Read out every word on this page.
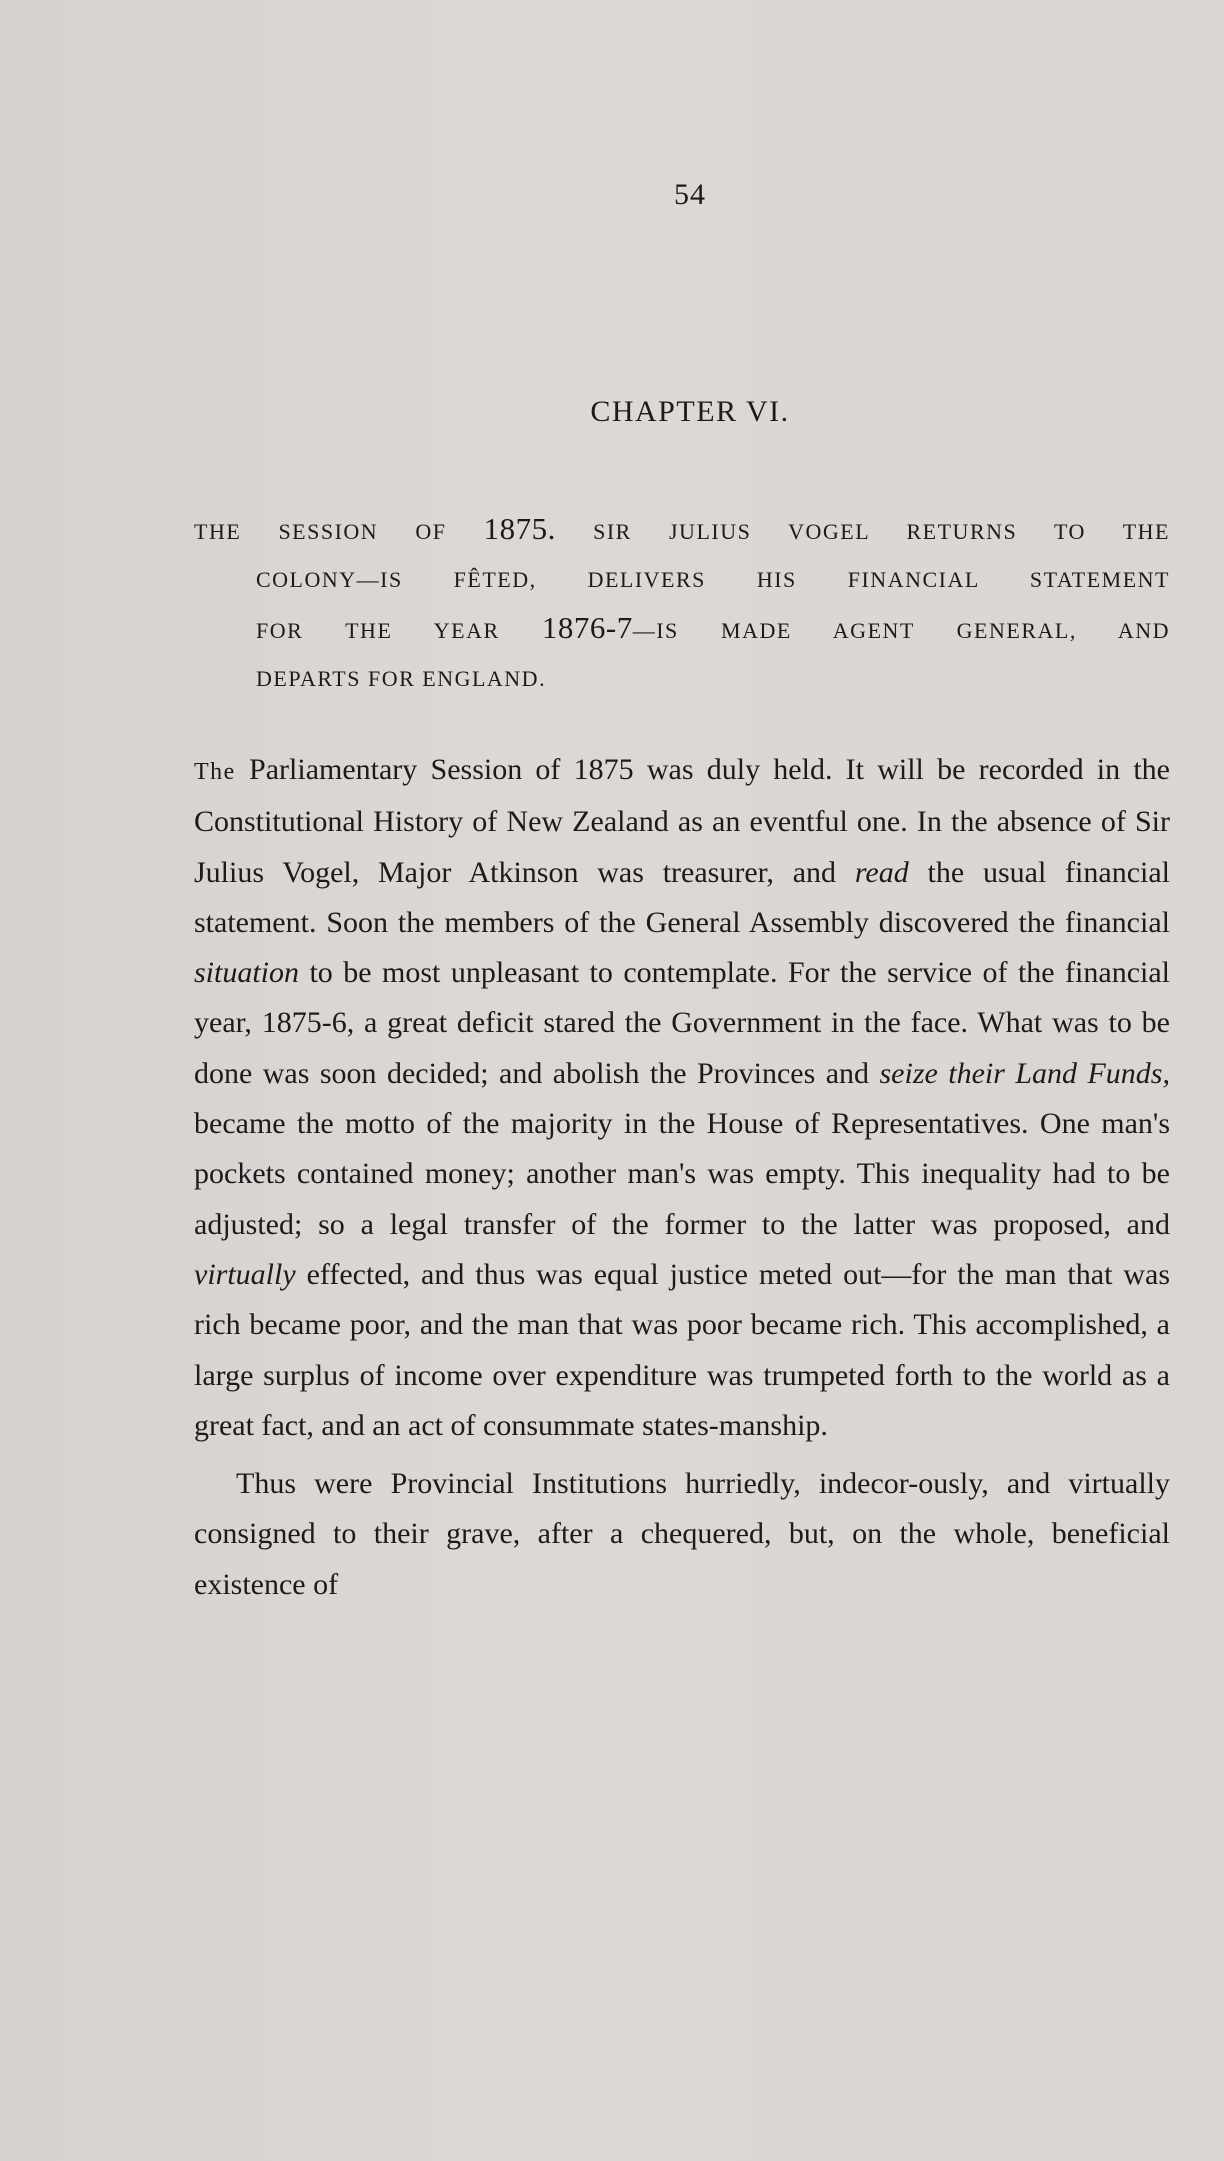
54
CHAPTER VI.
THE SESSION OF 1875. SIR JULIUS VOGEL RETURNS TO THE
COLONY—IS FÊTED, DELIVERS HIS FINANCIAL STATEMENT
FOR THE YEAR 1876-7—IS MADE AGENT GENERAL, AND
DEPARTS FOR ENGLAND.

The Parliamentary Session of 1875 was duly held. It will be recorded in the Constitutional History of New Zealand as an eventful one. In the absence of Sir Julius Vogel, Major Atkinson was treasurer, and read the usual financial statement. Soon the members of the General Assembly discovered the financial situation to be most unpleasant to contemplate. For the service of the financial year, 1875-6, a great deficit stared the Government in the face. What was to be done was soon decided; and abolish the Provinces and seize their Land Funds, became the motto of the majority in the House of Representatives. One man's pockets contained money; another man's was empty. This inequality had to be adjusted; so a legal transfer of the former to the latter was proposed, and virtually effected, and thus was equal justice meted out—for the man that was rich became poor, and the man that was poor became rich. This accomplished, a large surplus of income over expenditure was trumpeted forth to the world as a great fact, and an act of consummate states-manship.

Thus were Provincial Institutions hurriedly, indecor-ously, and virtually consigned to their grave, after a chequered, but, on the whole, beneficial existence of
